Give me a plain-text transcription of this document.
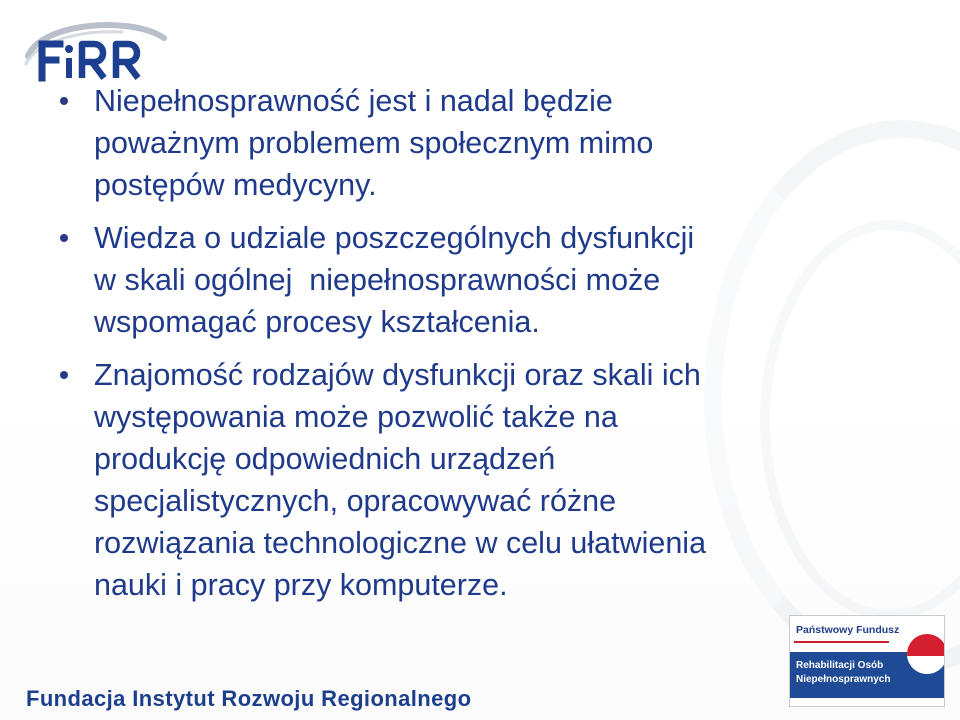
Niepełnosprawność jest i nadal będzie
poważnym problemem społecznym mimo
postępów medycyny.
Wiedza o udziale poszczególnych dysfunkcji
w skali ogólnej  niepełnosprawności może
wspomagać procesy kształcenia.
Znajomość rodzajów dysfunkcji oraz skali ich
występowania może pozwolić także na
produkcję odpowiednich urządzeń
specjalistycznych, opracowywać różne
rozwiązania technologiczne w celu ułatwienia
nauki i pracy przy komputerze.
Fundacja Instytut Rozwoju Regionalnego
Państwowy Fundusz
Rehabilitacji Osób
Niepełnosprawnych
